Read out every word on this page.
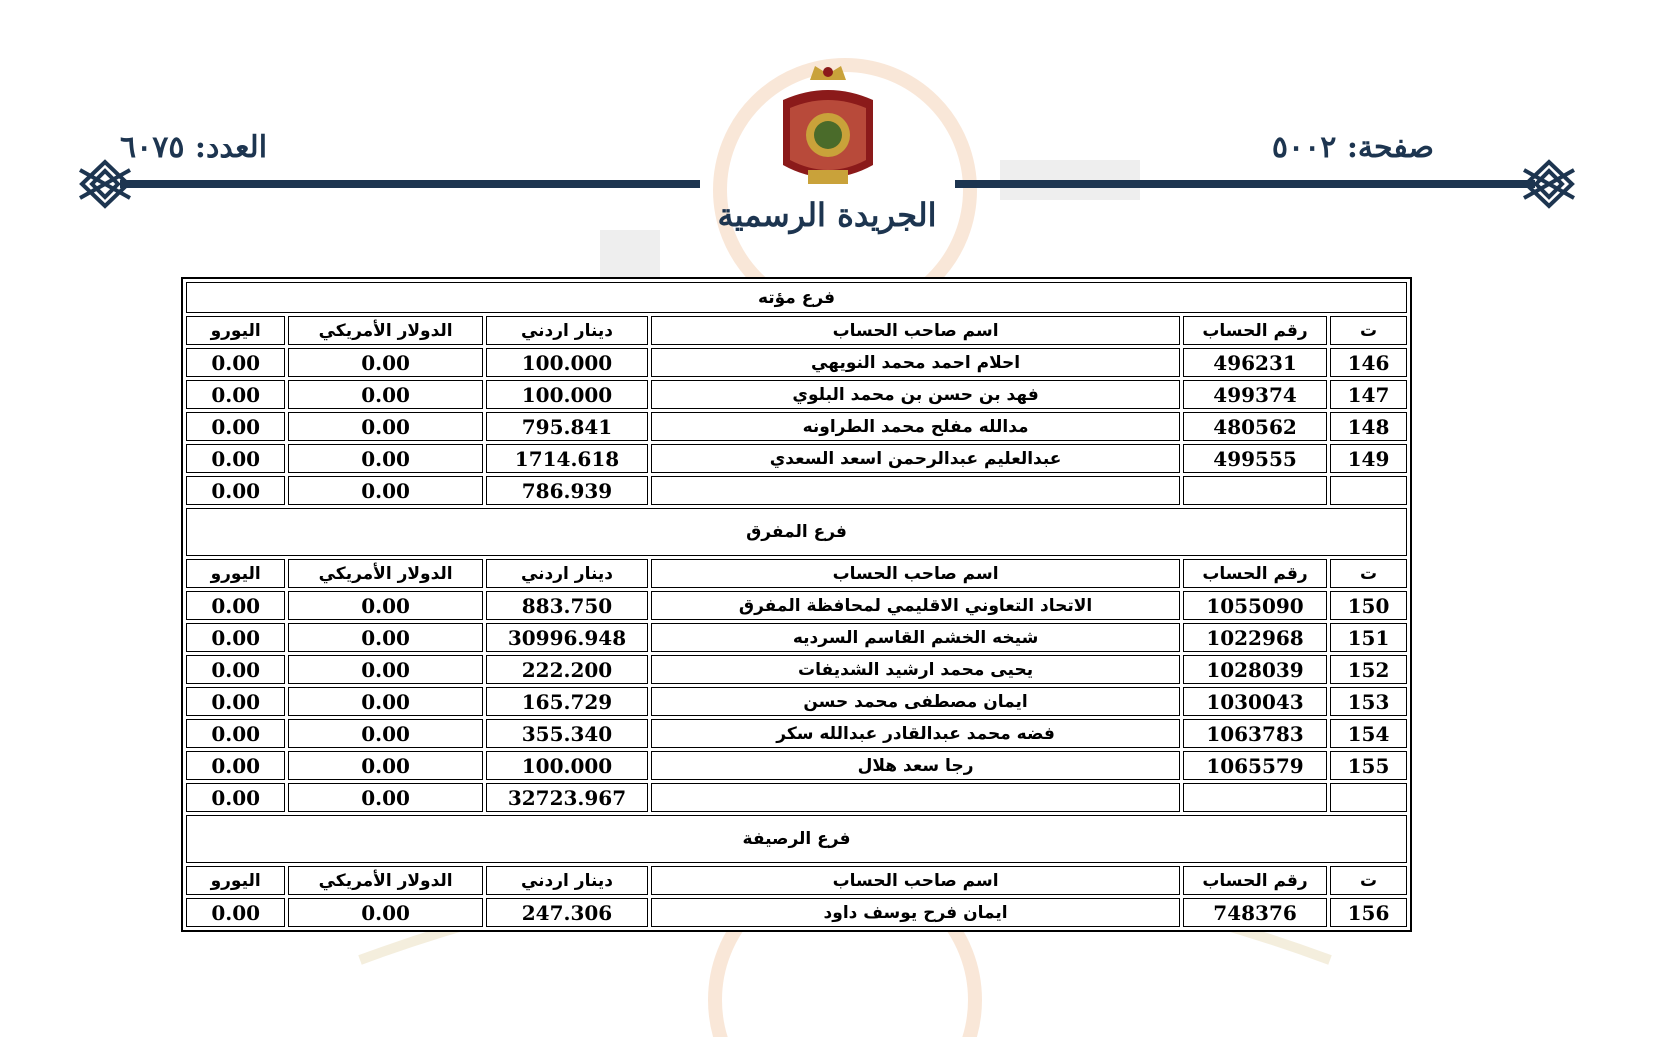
صفحة: ٥٠٠٢
العدد: ٦٠٧٥
الجريدة الرسمية
فرع مؤته					
ت	رقم الحساب	اسم صاحب الحساب	دينار اردني	الدولار الأمريكي	اليورو
146	496231	احلام احمد محمد النويهي	100.000	0.00	0.00
147	499374	فهد بن حسن بن محمد البلوي	100.000	0.00	0.00
148	480562	مدالله مفلح محمد الطراونه	795.841	0.00	0.00
149	499555	عبدالعليم عبدالرحمن اسعد السعدي	1714.618	0.00	0.00
			786.939	0.00	0.00
فرع المفرق					
ت	رقم الحساب	اسم صاحب الحساب	دينار اردني	الدولار الأمريكي	اليورو
150	1055090	الاتحاد التعاوني الاقليمي لمحافظة المفرق	883.750	0.00	0.00
151	1022968	شيخه الخشم القاسم السرديه	30996.948	0.00	0.00
152	1028039	يحيى محمد ارشيد الشديفات	222.200	0.00	0.00
153	1030043	ايمان مصطفى محمد حسن	165.729	0.00	0.00
154	1063783	فضه محمد عبدالقادر عبدالله سكر	355.340	0.00	0.00
155	1065579	رجا سعد هلال	100.000	0.00	0.00
			32723.967	0.00	0.00
فرع الرصيفة					
ت	رقم الحساب	اسم صاحب الحساب	دينار اردني	الدولار الأمريكي	اليورو
156	748376	ايمان فرح يوسف داود	247.306	0.00	0.00
